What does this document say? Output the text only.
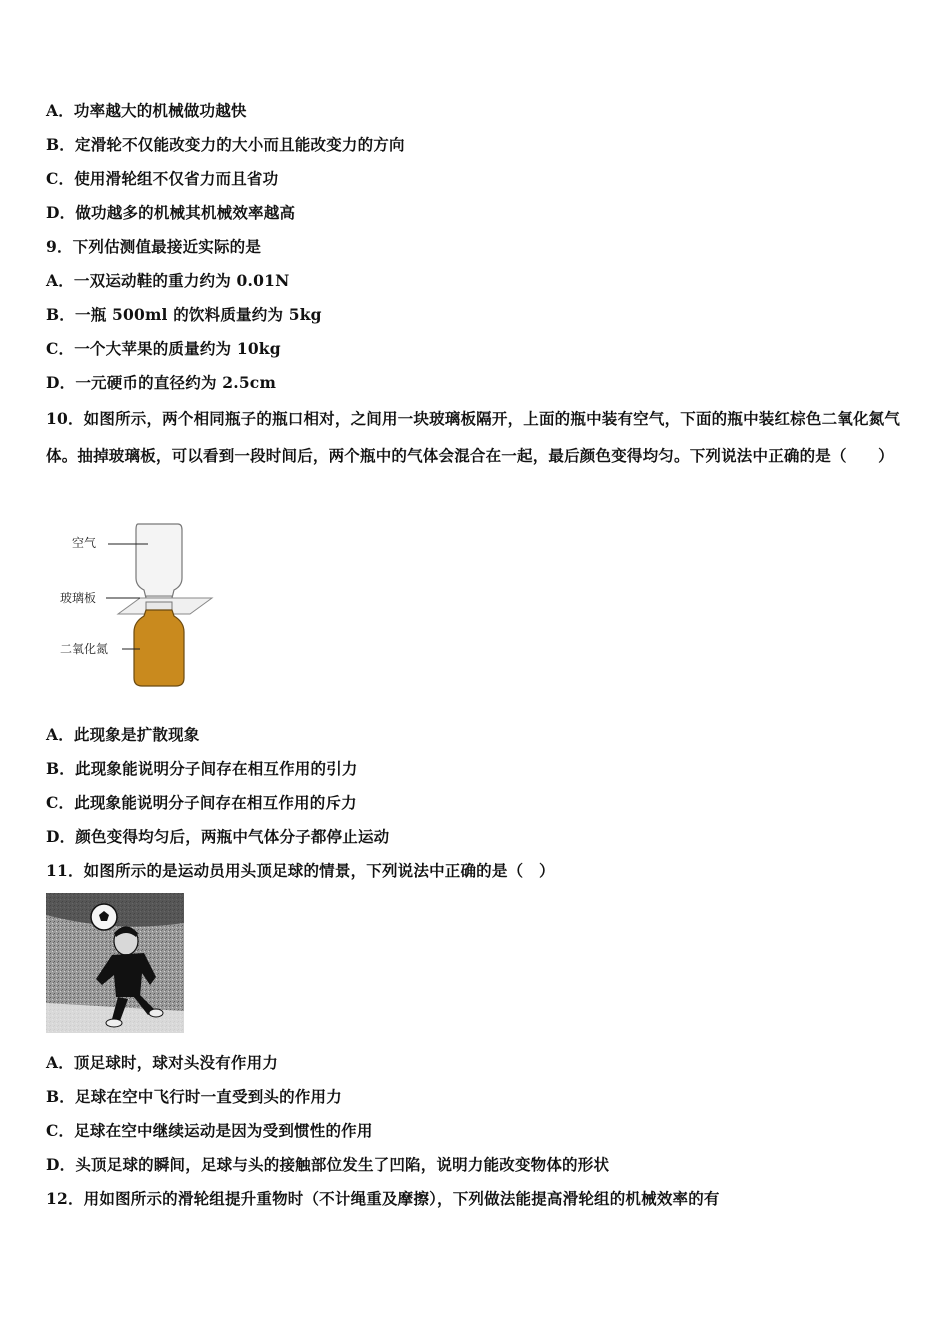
A．功率越大的机械做功越快
B．定滑轮不仅能改变力的大小而且能改变力的方向
C．使用滑轮组不仅省力而且省功
D．做功越多的机械其机械效率越高
9．下列估测值最接近实际的是
A．一双运动鞋的重力约为 0.01N
B．一瓶 500ml 的饮料质量约为 5kg
C．一个大苹果的质量约为 10kg
D．一元硬币的直径约为 2.5cm
10．如图所示，两个相同瓶子的瓶口相对，之间用一块玻璃板隔开，上面的瓶中装有空气，下面的瓶中装红棕色二氧化氮气体。抽掉玻璃板，可以看到一段时间后，两个瓶中的气体会混合在一起，最后颜色变得均匀。下列说法中正确的是（　　）
空气
玻璃板
二氧化氮
A．此现象是扩散现象
B．此现象能说明分子间存在相互作用的引力
C．此现象能说明分子间存在相互作用的斥力
D．颜色变得均匀后，两瓶中气体分子都停止运动
11．如图所示的是运动员用头顶足球的情景，下列说法中正确的是（　）
A．顶足球时，球对头没有作用力
B．足球在空中飞行时一直受到头的作用力
C．足球在空中继续运动是因为受到惯性的作用
D．头顶足球的瞬间，足球与头的接触部位发生了凹陷，说明力能改变物体的形状
12．用如图所示的滑轮组提升重物时（不计绳重及摩擦），下列做法能提高滑轮组的机械效率的有
